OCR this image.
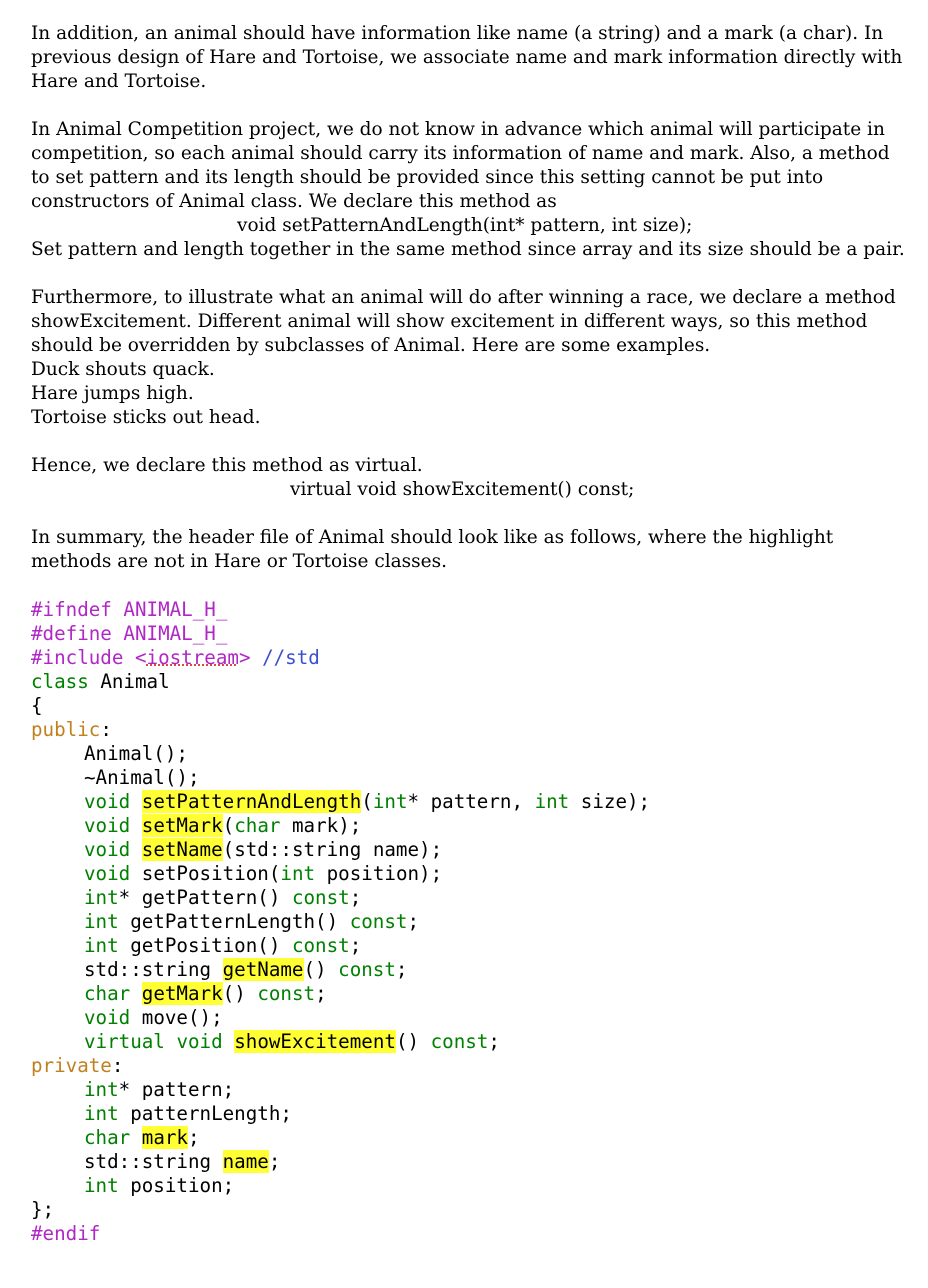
In addition, an animal should have information like name (a string) and a mark (a char). In
previous design of Hare and Tortoise, we associate name and mark information directly with
Hare and Tortoise.
In Animal Competition project, we do not know in advance which animal will participate in
competition, so each animal should carry its information of name and mark. Also, a method
to set pattern and its length should be provided since this setting cannot be put into
constructors of Animal class. We declare this method as
void setPatternAndLength(int* pattern, int size);
Set pattern and length together in the same method since array and its size should be a pair.
Furthermore, to illustrate what an animal will do after winning a race, we declare a method
showExcitement. Different animal will show excitement in different ways, so this method
should be overridden by subclasses of Animal. Here are some examples.
Duck shouts quack.
Hare jumps high.
Tortoise sticks out head.
Hence, we declare this method as virtual.
virtual void showExcitement() const;
In summary, the header file of Animal should look like as follows, where the highlight
methods are not in Hare or Tortoise classes.
#ifndef ANIMAL_H_
#define ANIMAL_H_
#include <iostream> //std
class Animal
{
public:
Animal();
~Animal();
void setPatternAndLength(int* pattern, int size);
void setMark(char mark);
void setName(std::string name);
void setPosition(int position);
int* getPattern() const;
int getPatternLength() const;
int getPosition() const;
std::string getName() const;
char getMark() const;
void move();
virtual void showExcitement() const;
private:
int* pattern;
int patternLength;
char mark;
std::string name;
int position;
};
#endif
